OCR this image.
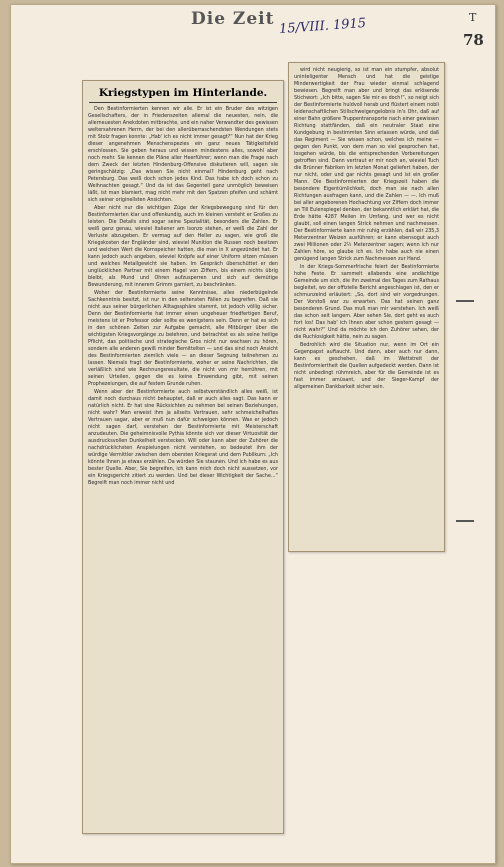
Die Zeit 15/VIII. 1915	T
78
Kriegstypen im Hinterlande.

Den Bestinformierten kennen wir alle. Er ist ein Bruder des witzigen Gesellschafters, der in Friedenszeiten allemal die neuesten, nein, die allerneuesten Anekdoten mitbrachte, und ein naher Verwandter des gewissen weltersahrenen Herrn, der bei den allerüberraschendsten Wendungen stets mit Stolz fragen konnte: „Hab' ich es nicht immer gesagt?“ Nun hat der Krieg dieser angenehmen Menschenspezies ein ganz neues Tätigkeitsfeld erschlossen. Sie geben heraus und wissen mindestens alles, sowohl aber noch mehr. Sie kennen die Pläne aller Heerführer; wenn man die Frage nach dem Zweck der letzten Hindenburg-Offensive diskutieren will, sagen sie geringschätzig: „Das wissen Sie nicht einmal? Hindenburg geht nach Petersburg. Das weiß doch schon jedes Kind. Das habe ich doch schon zu Weihnachten gesagt.“ Und da ist das Gegenteil ganz unmöglich beweisen läßt, ist man blamiert, mag nicht mehr mit den Spatzen pfeifen und schämt sich seiner originellsten Ansichten.

Aber nicht nur die wichtigen Züge der Kriegsbewegung sind für den Bestinformierten klar und offenkundig, auch im kleinen versteht er Großes zu leisten. Die Details sind sogar seine Spezialität, besonders die Zahlen. Er weiß ganz genau, wieviel Italiener am Isonzo stehen, er weiß die Zahl der Verluste abzugeben. Er vermag auf den Heller zu sagen, wie groß die Kriegskosten der Engländer sind, wieviel Munition die Russen noch besitzen und welchen Wert die Kornspeicher hatten, die man in X angezündet hat. Er kann jedoch auch angeben, wieviel Knöpfe auf einer Uniform sitzen müssen und welches Metallgewicht sie haben. Im Gespräch überschüttet er den unglücklichen Partner mit einem Hagel von Ziffern, bis einem nichts übrig bleibt, als Mund und Ohren aufzusperren und sich auf demütige Bewunderung, mit innerem Grimm garniert, zu beschränken.

Woher der Bestinformierte seine Kenntnisse, alles niederbügelnde Sachkenntnis besitzt, ist nur in den seltensten Fällen zu begreifen. Daß sie nicht aus seiner bürgerlichen Alltagssphäre stammt, ist jedoch völlig sicher. Denn der Bestinformierte hat immer einen ungeheuer friedfertigen Beruf, meistens ist er Professor oder sollte es wenigstens sein. Denn er hat es sich in den schönen Zeiten zur Aufgabe gemacht, alle Mitbürger über die wichtigsten Kriegsvorgänge zu belehren, und betrachtet es als seine heilige Pflicht, das politische und strategische Gros nicht nur wachsen zu hören, sondern alle anderen gewiß minder Bemittelten — und das sind noch Ansicht des Bestinformierten ziemlich viele — an dieser Segnung teilnehmen zu lassen. Niemals fragt der Bestinformierte, woher er seine Nachrichten, die verläßlich sind wie Rechnungsresultate, die nicht von mir herrühren, mit seinen Urteilen, gegen die es keine Einwendung gibt, mit seinen Prophezeiungen, die auf festem Grunde ruhen.

Wenn aber der Bestinformierte auch selbstverständlich alles weiß, ist damit noch durchaus nicht behauptet, daß er auch alles sagt. Das kann er natürlich nicht. Er hat sine Rücksichten zu nehmen bei seinen Beziehungen, nicht wahr? Man erweist ihm ja allseits Vertrauen, sehr schmeichelhaftes Vertrauen sagar, aber er muß nun dafür schweigen können. Was er jedoch nicht sagen darf, verstehen der Bestinformierte mit Meisterschaft anzudeuten. Die geheimnisvolle Pythia könnte sich vor dieser Virtuosität der ausdrucksvollen Dunkelheit verstecken. Will oder kann aber der Zuhörer die nachdrücklichsten Anspielungen nicht verstehen, so bedeutet ihm der würdige Vermittler zwischen dem obersten Kriegsrat und dem Publikum: „Ich könnte Ihnen ja etwas erzählen. Da würden Sie staunen. Und ich habe es aus bester Quelle. Aber, Sie begreifen, ich kann mich doch nicht aussetzen, vor ein Kriegsgericht zitiert zu werden. Und bei dieser Wichtigkeit der Sache...“ Begreift man noch immer nicht und

wird nicht neugierig, so ist man ein stumpfer, absolut uninteligenter Mensch und hat die geistige Minderwertigkeit der Frau wieder einmal schlagend bewiesen. Begreift man aber und bringt das erlösende Stichwort: „Ich bitte, sagen Sie mir es doch!“, so neigt sich der Bestinformierte huldvoll herab und flüstert einem nobli leidenschaftlichen Stillschweigengelobnis in's Ohr, daß auf einer Bahn größere Truppentransporte nach einer gewissen Richtung stattfänden, daß ein neutraler Staat eine Kundgebung in bestimmten Sinn erlassen würde, und daß das Regiment — Sie wissen schon, welches ich meine — gegen den Punkt, von dem man so viel gesprochen hat, losgehen würde, bis die entsprechenden Vorbereitungen getroffen sind. Dann vertraut er mir noch an, wieviel Tuch die Brünner Fabriken im letzten Monat geliefert haben, der nur nicht, oder und gar nichts gesagt und ist ein großer Mann. Die Bestinformierten der Kriegszeit haben die besondere Eigentümlichkeit, doch man sie nach allen Richtungen ausfragen kann, und die Zahlen — —. Ich muß bei aller angeborenen Hochachtung vor Ziffern doch immer an Till Eulenspiegel denken, der bekanntlich erklärt hat, die Erde hätte 4287 Meilen im Umfang, und wer es nicht glaubt, soll einen langen Strick nehmen und nachmessen. Der Bestinformierte kann mir ruhig erzählen, daß wir 235,3 Meterzentner Weizen ausführen; er kann ebensogut auch zwei Millionen oder 2½ Meterzentner sagen; wenn ich nur Zahlen höre, so glaube ich es. Ich habe auch nie einen genügend langen Strick zum Nachmessen zur Hand.

In der Kriegs-Sommerfrische feiert der Bestinformierte hohe Feste. Er sammelt allabends eine andächtige Gemeinde um sich, die ihn zweimal des Tages zum Rathaus begleitet, wo der offizielle Bericht angeschlagen ist, den er schmunzelnd erläutert: „So, dort sind wir vorgedrungen. Der Vorstoß war zu erwarten. Das hat seinen ganz besonderen Grund. Das muß man mir verstehen. Ich weiß das schon seit langem. Aber sehen Sie, dort geht es auch fort los! Das hab' ich Ihnen aber schon gestern gesagt — nicht wahr?“ Und da möchte ich den Zuhörer sehen, der die Ruchlosigkeit hätte, nein zu sagen.

Bedrohlich wird die Situation nur, wenn im Ort ein Gegenpapst auftaucht. Und dann, aber auch nur dann, kann es geschehen, daß im Wettstreit der Bestinformiertheit die Quellen aufgedeckt werden. Dann ist nicht unbedingt rühmreich, aber für die Gemeinde ist es fast immer amüsant, und der Sieger-Kampf der allgemeinen Dankbarkeit sicher sein.
